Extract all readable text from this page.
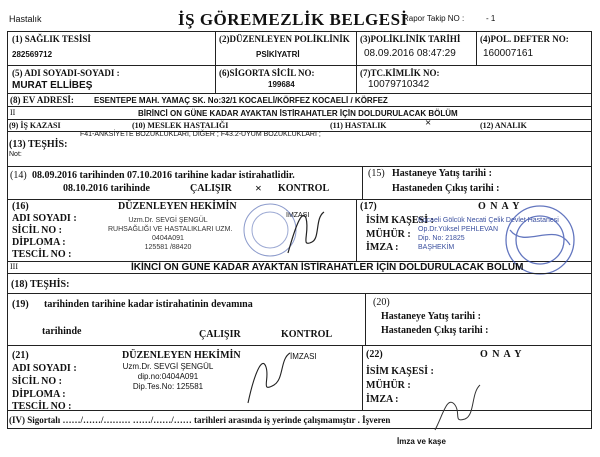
Hastalık	İŞ GÖREMEZLİK BELGESİ
Rapor Takip NO :	- 1
(1) SAĞLIK TESİSİ
282569712
(2)DÜZENLEYEN POLİKLİNİK
PSİKİYATRİ
(3)POLİKLİNİK TARİHİ
08.09.2016 08:47:29
(4)POL. DEFTER NO:
160007161
(5) ADI SOYADI-SOYADI :
MURAT ELLİBEŞ
(6)SİGORTA SİCİL NO:
199684
(7)TC.KİMLİK NO:
10079710342
(8) EV ADRESİ:	ESENTEPE MAH. YAMAÇ SK. No:32/1 KOCAELİ/KÖRFEZ KOCAELİ / KÖRFEZ
II	BİRİNCİ ON GÜNE KADAR AYAKTAN İSTİRAHATLER İÇİN DOLDURULACAK BÖLÜM
(9) İŞ KAZASI	(10) MESLEK HASTALIĞI	(11) HASTALIK	×	(12) ANALIK
F41-ANKSİYETE BOZUKLUKLARI, DİĞER ; F43.2-UYUM BOZUKLUKLARI ;
(13) TEŞHİS:
Not:
(14) 08.09.2016 tarihinden 07.10.2016 tarihine kadar istirahatlidir.
08.10.2016 tarihinde	ÇALIŞIR × KONTROL
(15) Hastaneye Yatış tarihi :
Hastaneden Çıkış tarihi :
(16)	DÜZENLEYEN HEKİMİN
ADI SOYADI :
SİCİL NO :
DİPLOMA :
TESCİL NO :
Uzm.Dr. SEVGİ ŞENGÜL
RUHSAĞLIĞI VE HASTALIKLARI UZM.
0404A091
125581 /88420
İMZASI
(17)	O N A Y
İSİM KAŞESİ :
MÜHÜR :
İMZA :
Kocaeli Gölcük Necati Çelik Devlet Hastanesi
Op.Dr.Yüksel PEHLEVAN
Dip. No: 21825
BAŞHEKİM
III	İKİNCİ ON GÜNE KADAR AYAKTAN İSTİRAHATLER İÇİN DOLDURULACAK BÖLÜM
(18) TEŞHİS:
(19) tarihinden tarihine kadar istirahatinin devamına
tarihinde	ÇALIŞIR	KONTROL
(20)
Hastaneye Yatış tarihi :
Hastaneden Çıkış tarihi :
(21)	DÜZENLEYEN HEKİMİN
ADI SOYADI :
SİCİL NO :
DİPLOMA :
TESCİL NO :
Uzm.Dr. SEVGİ ŞENGÜL
dip.no:0404A091
Dip.Tes.No: 125581
İMZASI	(22)	O N A Y
İSİM KAŞESİ :
MÜHÜR :
İMZA :
(IV) Sigortalı ……/……/……… ……/……/…… tarihleri arasında iş yerinde çalışmamıştır . İşveren
İmza ve kaşe
